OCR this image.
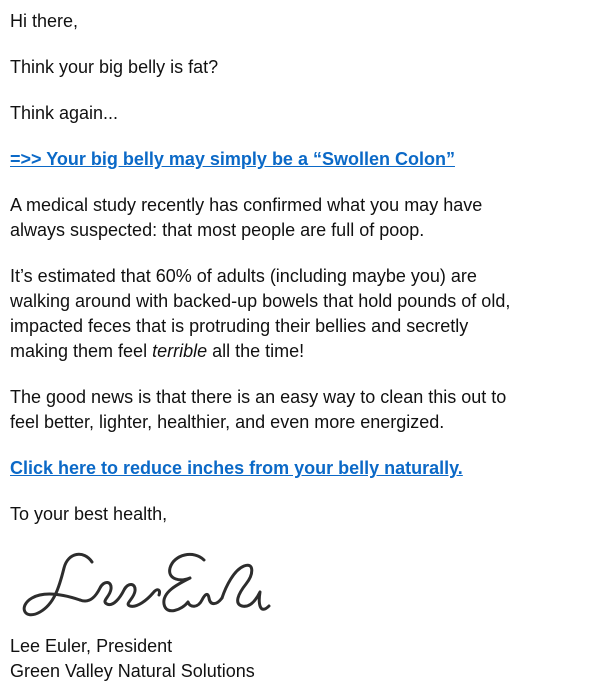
Hi there,

Think your big belly is fat?

Think again...

=>> Your big belly may simply be a “Swollen Colon”

A medical study recently has confirmed what you may have
always suspected: that most people are full of poop.

It’s estimated that 60% of adults (including maybe you) are
walking around with backed-up bowels that hold pounds of old,
impacted feces that is protruding their bellies and secretly
making them feel terrible all the time!

The good news is that there is an easy way to clean this out to
feel better, lighter, healthier, and even more energized.

Click here to reduce inches from your belly naturally.

To your best health,

Lee Euler, President

Green Valley Natural Solutions
